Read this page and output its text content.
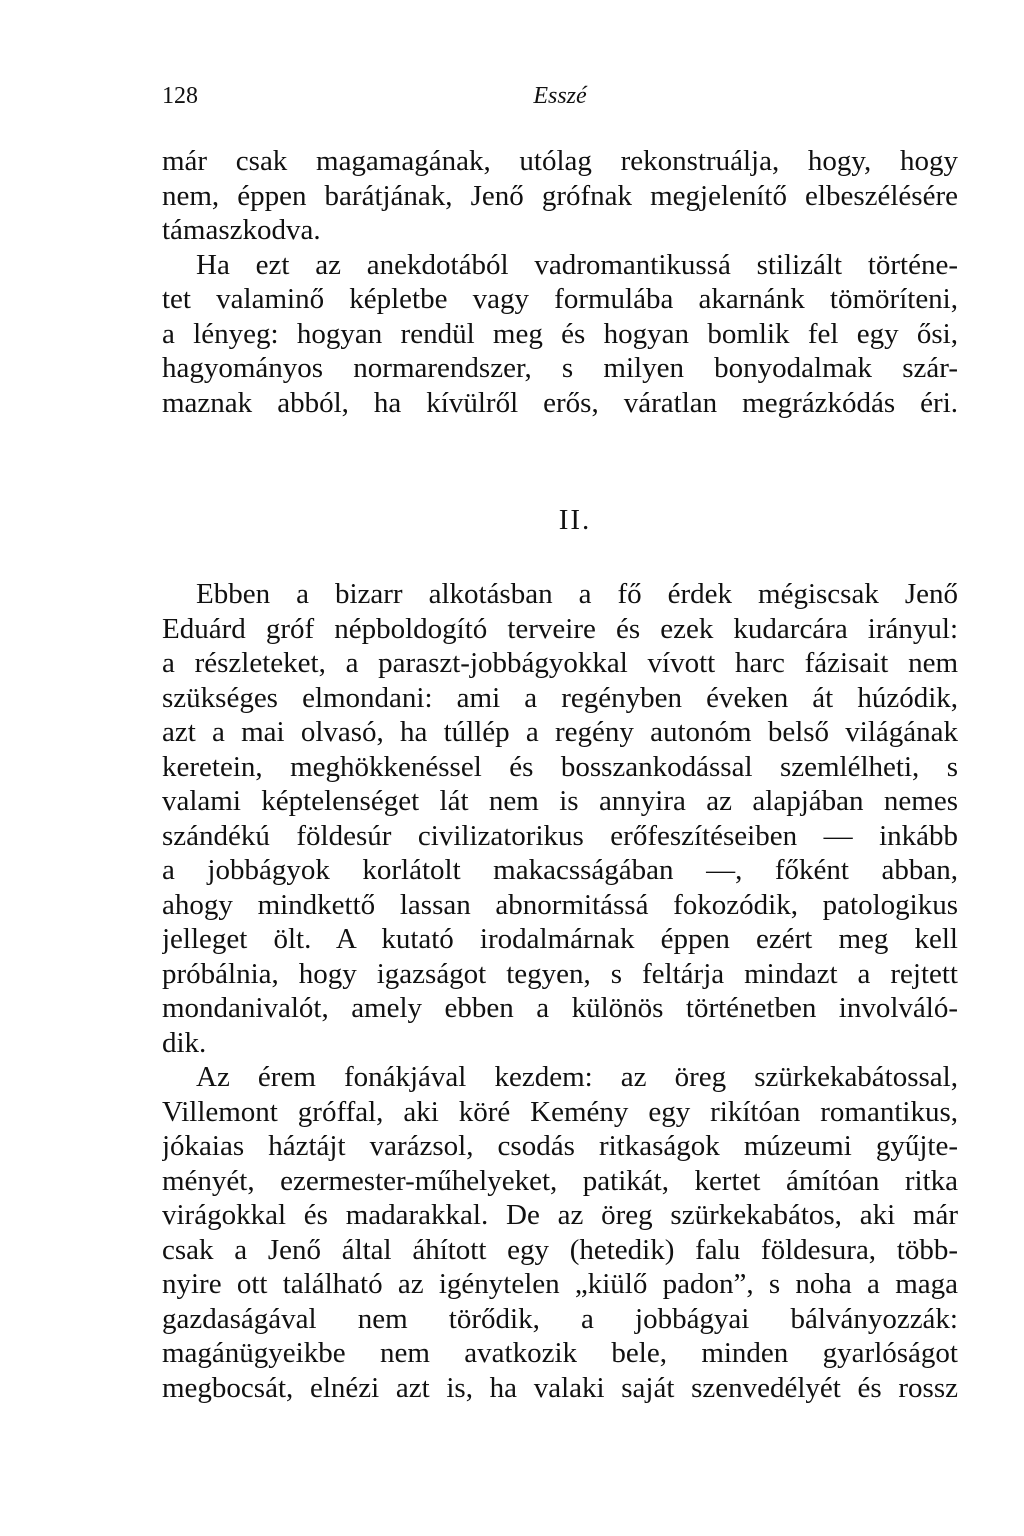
128	Esszé
már csak magamagának, utólag rekonstruálja, hogy, hogy
nem, éppen barátjának, Jenő grófnak megjelenítő elbeszélésére
támaszkodva.
Ha ezt az anekdotából vadromantikussá stilizált történe-
tet valaminő képletbe vagy formulába akarnánk tömöríteni,
a lényeg: hogyan rendül meg és hogyan bomlik fel egy ősi,
hagyományos normarendszer, s milyen bonyodalmak szár-
maznak abból, ha kívülről erős, váratlan megrázkódás éri.
II.
Ebben a bizarr alkotásban a fő érdek mégiscsak Jenő
Eduárd gróf népboldogító terveire és ezek kudarcára irányul:
a részleteket, a paraszt-jobbágyokkal vívott harc fázisait nem
szükséges elmondani: ami a regényben éveken át húzódik,
azt a mai olvasó, ha túllép a regény autonóm belső világának
keretein, meghökkenéssel és bosszankodással szemlélheti, s
valami képtelenséget lát nem is annyira az alapjában nemes
szándékú földesúr civilizatorikus erőfeszítéseiben — inkább
a jobbágyok korlátolt makacsságában —, főként abban,
ahogy mindkettő lassan abnormitássá fokozódik, patologikus
jelleget ölt. A kutató irodalmárnak éppen ezért meg kell
próbálnia, hogy igazságot tegyen, s feltárja mindazt a rejtett
mondanivalót, amely ebben a különös történetben involváló-
dik.
Az érem fonákjával kezdem: az öreg szürkekabátossal,
Villemont gróffal, aki köré Kemény egy rikítóan romantikus,
jókaias háztájt varázsol, csodás ritkaságok múzeumi gyűjte-
ményét, ezermester-műhelyeket, patikát, kertet ámítóan ritka
virágokkal és madarakkal. De az öreg szürkekabátos, aki már
csak a Jenő által áhított egy (hetedik) falu földesura, több-
nyire ott található az igénytelen „kiülő padon”, s noha a maga
gazdaságával nem törődik, a jobbágyai bálványozzák:
magánügyeikbe nem avatkozik bele, minden gyarlóságot
megbocsát, elnézi azt is, ha valaki saját szenvedélyét és rossz
